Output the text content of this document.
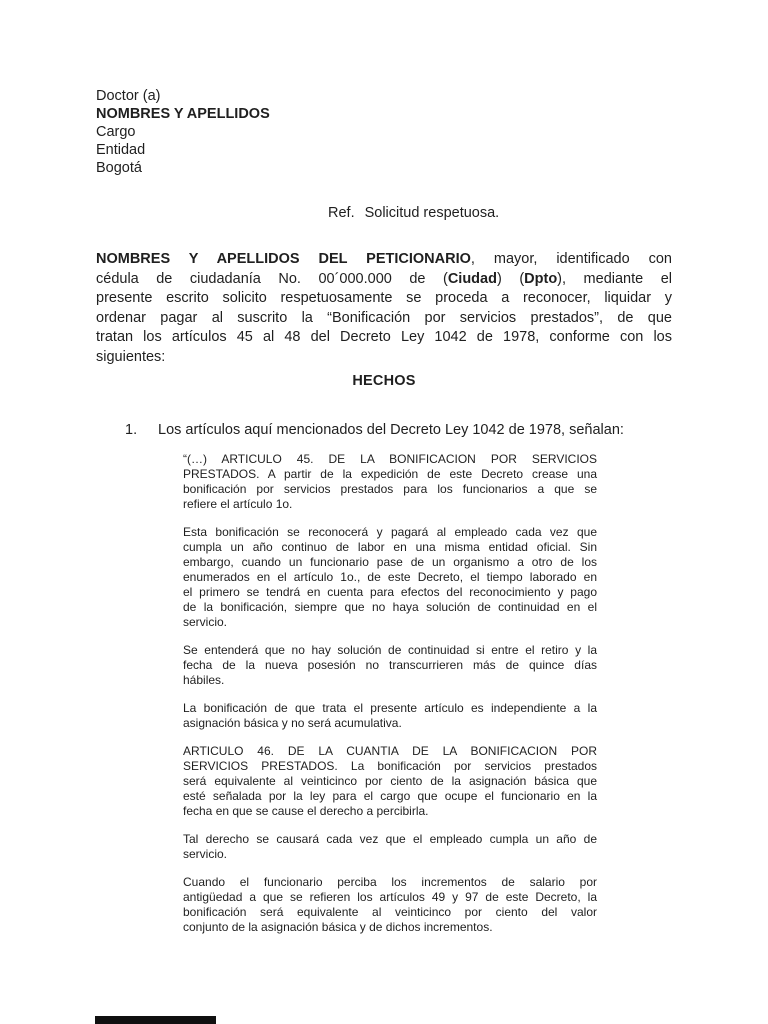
Doctor (a)
NOMBRES Y APELLIDOS
Cargo
Entidad
Bogotá
Ref. Solicitud respetuosa.
NOMBRES Y APELLIDOS DEL PETICIONARIO, mayor, identificado con
cédula de ciudadanía No. 00´000.000 de (Ciudad) (Dpto), mediante el
presente escrito solicito respetuosamente se proceda a reconocer, liquidar y
ordenar pagar al suscrito la “Bonificación por servicios prestados”, de que
tratan los artículos 45 al 48 del Decreto Ley 1042 de 1978, conforme con los
siguientes:
HECHOS
1.	Los artículos aquí mencionados del Decreto Ley 1042 de 1978, señalan:
“(…) ARTICULO 45. DE LA BONIFICACION POR SERVICIOS
PRESTADOS. A partir de la expedición de este Decreto crease una
bonificación por servicios prestados para los funcionarios a que se
refiere el artículo 1o.
Esta bonificación se reconocerá y pagará al empleado cada vez que
cumpla un año continuo de labor en una misma entidad oficial. Sin
embargo, cuando un funcionario pase de un organismo a otro de los
enumerados en el artículo 1o., de este Decreto, el tiempo laborado en
el primero se tendrá en cuenta para efectos del reconocimiento y pago
de la bonificación, siempre que no haya solución de continuidad en el
servicio.
Se entenderá que no hay solución de continuidad si entre el retiro y la
fecha de la nueva posesión no transcurrieren más de quince días
hábiles.
La bonificación de que trata el presente artículo es independiente a la
asignación básica y no será acumulativa.
ARTICULO 46. DE LA CUANTIA DE LA BONIFICACION POR
SERVICIOS PRESTADOS. La bonificación por servicios prestados
será equivalente al veinticinco por ciento de la asignación básica que
esté señalada por la ley para el cargo que ocupe el funcionario en la
fecha en que se cause el derecho a percibirla.
Tal derecho se causará cada vez que el empleado cumpla un año de
servicio.
Cuando el funcionario perciba los incrementos de salario por
antigüedad a que se refieren los artículos 49 y 97 de este Decreto, la
bonificación será equivalente al veinticinco por ciento del valor
conjunto de la asignación básica y de dichos incrementos.
